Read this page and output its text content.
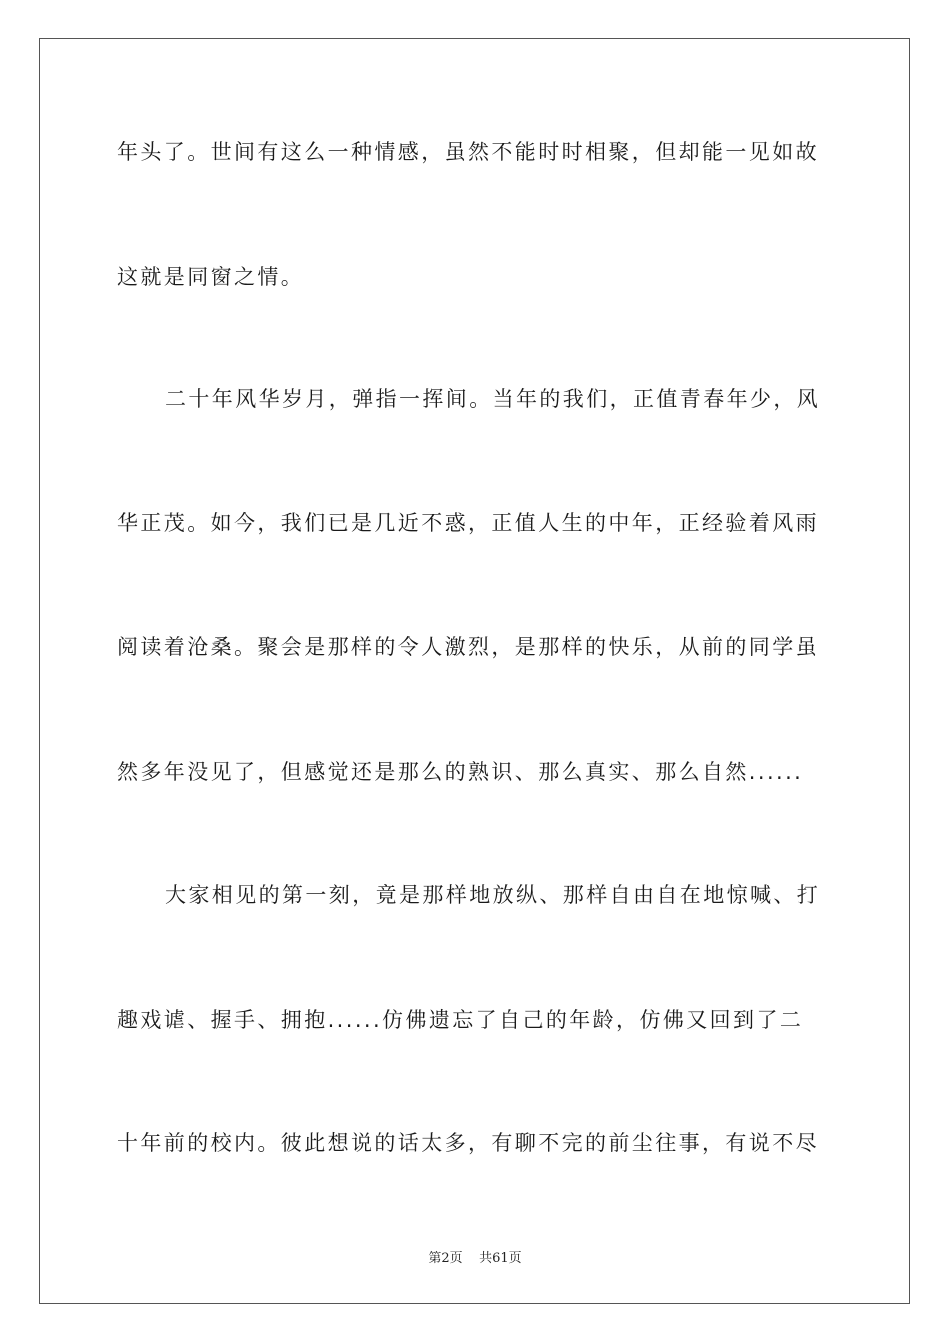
年头了。世间有这么一种情感，虽然不能时时相聚，但却能一见如故
这就是同窗之情。
二十年风华岁月，弹指一挥间。当年的我们，正值青春年少，风
华正茂。如今，我们已是几近不惑，正值人生的中年，正经验着风雨
阅读着沧桑。聚会是那样的令人激烈，是那样的快乐，从前的同学虽
然多年没见了，但感觉还是那么的熟识、那么真实、那么自然......
大家相见的第一刻，竟是那样地放纵、那样自由自在地惊喊、打
趣戏谑、握手、拥抱......仿佛遗忘了自己的年龄，仿佛又回到了二
十年前的校内。彼此想说的话太多，有聊不完的前尘往事，有说不尽
第2页 共61页
